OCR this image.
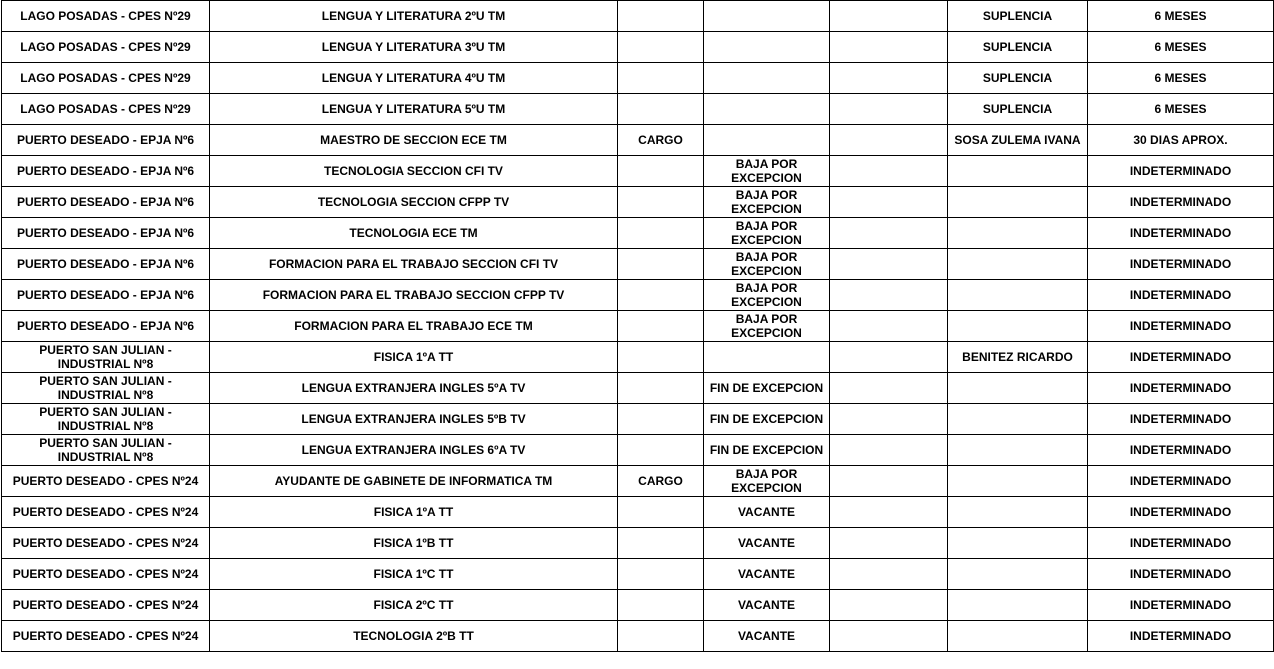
LAGO POSADAS - CPES Nº29	LENGUA Y LITERATURA 2ºU TM				SUPLENCIA	6 MESES
LAGO POSADAS - CPES Nº29	LENGUA Y LITERATURA 3ºU TM				SUPLENCIA	6 MESES
LAGO POSADAS - CPES Nº29	LENGUA Y LITERATURA 4ºU TM				SUPLENCIA	6 MESES
LAGO POSADAS - CPES Nº29	LENGUA Y LITERATURA 5ºU TM				SUPLENCIA	6 MESES
PUERTO DESEADO - EPJA Nº6	MAESTRO DE SECCION ECE TM	CARGO			SOSA ZULEMA IVANA	30 DIAS APROX.
PUERTO DESEADO - EPJA Nº6	TECNOLOGIA SECCION CFI TV		BAJA POR EXCEPCION			INDETERMINADO
PUERTO DESEADO - EPJA Nº6	TECNOLOGIA SECCION CFPP TV		BAJA POR EXCEPCION			INDETERMINADO
PUERTO DESEADO - EPJA Nº6	TECNOLOGIA ECE TM		BAJA POR EXCEPCION			INDETERMINADO
PUERTO DESEADO - EPJA Nº6	FORMACION PARA EL TRABAJO SECCION CFI TV		BAJA POR EXCEPCION			INDETERMINADO
PUERTO DESEADO - EPJA Nº6	FORMACION PARA EL TRABAJO SECCION CFPP TV		BAJA POR EXCEPCION			INDETERMINADO
PUERTO DESEADO - EPJA Nº6	FORMACION PARA EL TRABAJO ECE TM		BAJA POR EXCEPCION			INDETERMINADO
PUERTO SAN JULIAN - INDUSTRIAL Nº8	FISICA 1ºA TT				BENITEZ RICARDO	INDETERMINADO
PUERTO SAN JULIAN - INDUSTRIAL Nº8	LENGUA EXTRANJERA INGLES 5ºA TV		FIN DE EXCEPCION			INDETERMINADO
PUERTO SAN JULIAN - INDUSTRIAL Nº8	LENGUA EXTRANJERA INGLES 5ºB TV		FIN DE EXCEPCION			INDETERMINADO
PUERTO SAN JULIAN - INDUSTRIAL Nº8	LENGUA EXTRANJERA INGLES 6ºA TV		FIN DE EXCEPCION			INDETERMINADO
PUERTO DESEADO - CPES Nº24	AYUDANTE DE GABINETE DE INFORMATICA TM	CARGO	BAJA POR EXCEPCION			INDETERMINADO
PUERTO DESEADO - CPES Nº24	FISICA 1ºA TT		VACANTE			INDETERMINADO
PUERTO DESEADO - CPES Nº24	FISICA 1ºB TT		VACANTE			INDETERMINADO
PUERTO DESEADO - CPES Nº24	FISICA 1ºC TT		VACANTE			INDETERMINADO
PUERTO DESEADO - CPES Nº24	FISICA 2ºC TT		VACANTE			INDETERMINADO
PUERTO DESEADO - CPES Nº24	TECNOLOGIA 2ºB TT		VACANTE			INDETERMINADO
